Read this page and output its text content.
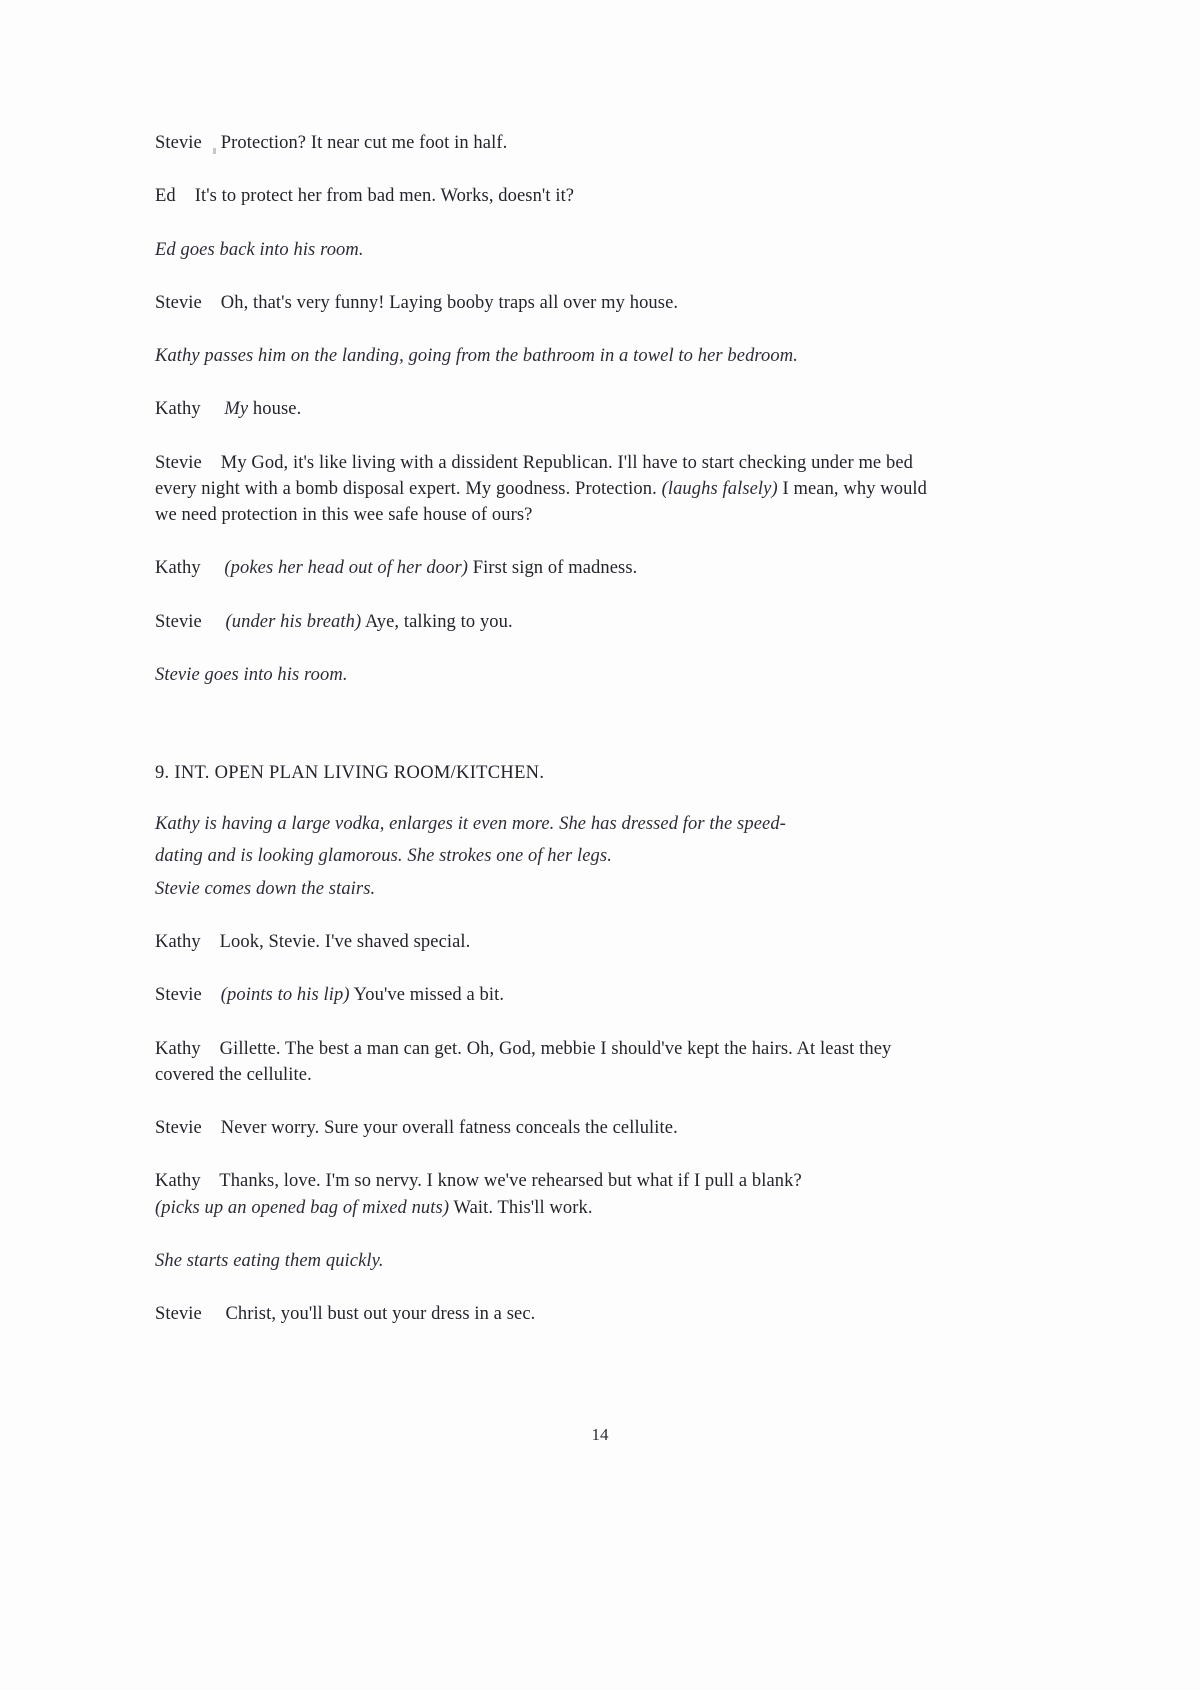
Stevie Protection? It near cut me foot in half.

Ed It's to protect her from bad men. Works, doesn't it?

Ed goes back into his room.

Stevie Oh, that's very funny! Laying booby traps all over my house.

Kathy passes him on the landing, going from the bathroom in a towel to her bedroom.

Kathy My house.

Stevie My God, it's like living with a dissident Republican. I'll have to start checking under me bed every night with a bomb disposal expert. My goodness. Protection. (laughs falsely) I mean, why would we need protection in this wee safe house of ours?

Kathy (pokes her head out of her door) First sign of madness.

Stevie (under his breath) Aye, talking to you.

Stevie goes into his room.

9. INT. OPEN PLAN LIVING ROOM/KITCHEN.

Kathy is having a large vodka, enlarges it even more. She has dressed for the speed-

dating and is looking glamorous. She strokes one of her legs.

Stevie comes down the stairs.

Kathy Look, Stevie. I've shaved special.

Stevie (points to his lip) You've missed a bit.

Kathy Gillette. The best a man can get. Oh, God, mebbie I should've kept the hairs. At least they covered the cellulite.

Stevie Never worry. Sure your overall fatness conceals the cellulite.

Kathy Thanks, love. I'm so nervy. I know we've rehearsed but what if I pull a blank?
(picks up an opened bag of mixed nuts) Wait. This'll work.

She starts eating them quickly.

Stevie Christ, you'll bust out your dress in a sec.

14
